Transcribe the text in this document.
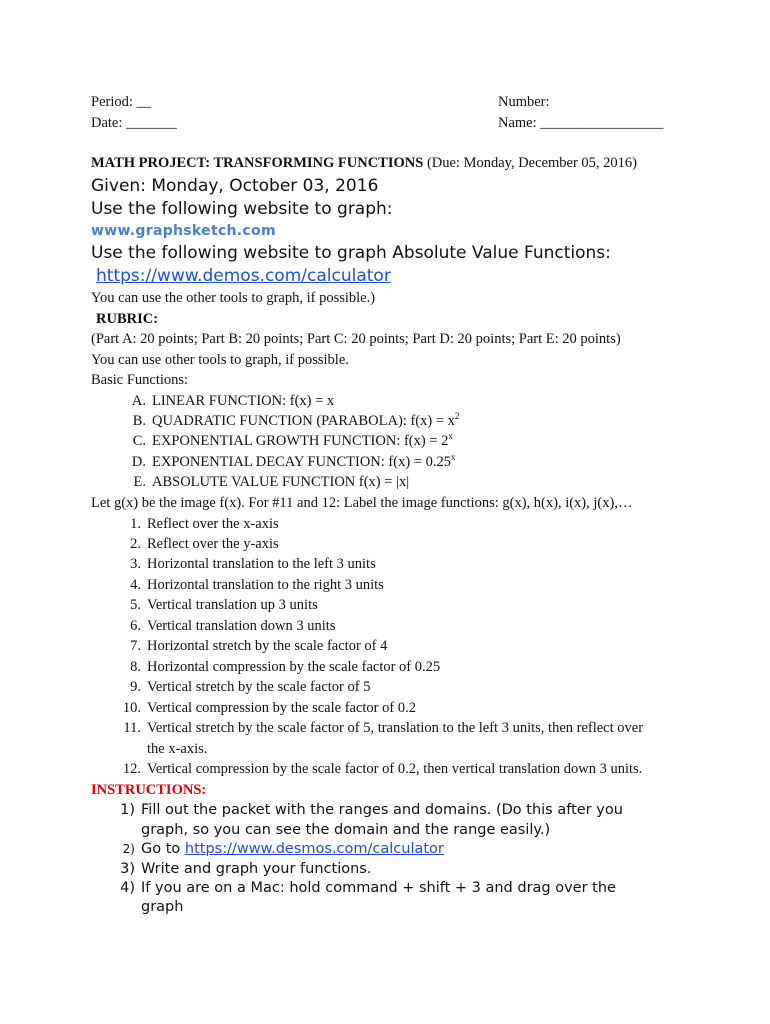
Period: __
Date: _______
Number:
Name: _________________
MATH PROJECT: TRANSFORMING FUNCTIONS (Due: Monday, December 05, 2016)
Given: Monday, October 03, 2016
Use the following website to graph:
www.graphsketch.com
Use the following website to graph Absolute Value Functions:
https://www.demos.com/calculator
You can use the other tools to graph, if possible.)
RUBRIC:
(Part A: 20 points; Part B: 20 points; Part C: 20 points; Part D: 20 points; Part E: 20 points)
You can use other tools to graph, if possible.
Basic Functions:
A. LINEAR FUNCTION: f(x) = x
B. QUADRATIC FUNCTION (PARABOLA): $f(x) = x^2$
C. EXPONENTIAL GROWTH FUNCTION: $f(x) = 2^x$
D. EXPONENTIAL DECAY FUNCTION: $f(x) = 0.25^x$
E. ABSOLUTE VALUE FUNCTION f(x) = |x|
Let g(x) be the image f(x). For #11 and 12: Label the image functions: g(x), h(x), i(x), j(x),…
1. Reflect over the x-axis
2. Reflect over the y-axis
3. Horizontal translation to the left 3 units
4. Horizontal translation to the right 3 units
5. Vertical translation up 3 units
6. Vertical translation down 3 units
7. Horizontal stretch by the scale factor of 4
8. Horizontal compression by the scale factor of 0.25
9. Vertical stretch by the scale factor of 5
10. Vertical compression by the scale factor of 0.2
11. Vertical stretch by the scale factor of 5, translation to the left 3 units, then reflect over
the x-axis.
12. Vertical compression by the scale factor of 0.2, then vertical translation down 3 units.
INSTRUCTIONS:
1) Fill out the packet with the ranges and domains. (Do this after you
graph, so you can see the domain and the range easily.)
2) Go to https://www.desmos.com/calculator
3) Write and graph your functions.
4) If you are on a Mac: hold command + shift + 3 and drag over the
graph
